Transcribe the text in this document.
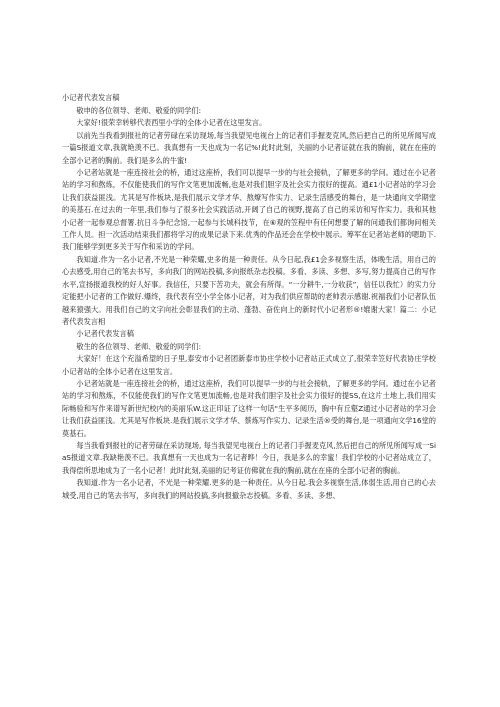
小记者代表发言稿

敬申的各位领导、老师、敬爱的同学们:

大家好!很荣幸转够代表西里小学的全体小记者在这里发言。

以前先当我看到报社的记者劳碌在采访现场,每当我望见电视台上的记者们手握麦克风,然后把自己的所见所闻写成一篇S报道文章,我就艳羡不已。我真想有一天也成为一名记%!此时此刻，关丽的小记者证就在我的胸前，就在在座的全部小记者的胸前。我们是多么的牛蜜!

小记者站就是一座连接社会的桥，通过这座桥，我们可以提早一步的与社会接轨，了解更多的学问。通过在小记者站的学习和熬炼，不仅能使我们的写作文笔更加流畅,也是对我们胆字及社会实力很好的提高。通£1小记者站的学习会让我们获益匪浅。尤其是写作板块,是我们展示文学才华、熬燎写作实力、记录生活感受的舞台，是一块通向文学期堂的美基石.在过去的一年里,我们参与了很多社会实践活动,开阔了自己的视野,提高了自己的采访和写作实力。我和其他小记者一起参观总督署.抗日斗争纪念馆,一起参与长城科技节，在⑥观的笠程中有任何想要了解的问通我们都询问相关工作人员。担一次活动结束我们都将学习的成果记录下来.优秀的作品还会在学校中展示。筹军在记者站老师的嗯助下.我门能够学到更多关于写作和采访的学问。

我知道.作为一名小记者,不光是一种荣耀,史多的是一种责任。从今日起,我£1会多视察生活，体晚生活，用自己的心去感受,用自己的笔去书写，多向我门的网站投稿,多向报纸杂志投稿。多看、多读、多想、多写,努力提高自己的写作水平,宣扬报道我校的好人好事。我信任，只要下苦功夫，就会有所得。“一分耕牛,一分收获”，信任以我忙）的实力分定能把小记者的工作做好.爆终，我代表有空小学全体小记者，对为我们供应帮助的老帅表示感谢.祝福我们小记者队伍越来猿强大。用我们自己的文字向社会彰显我们的主动、蓬勃、奋佐向上的新时代小记者形®!媲谢大家！篇二：小记者代表发言相

小记者代表发言稿

敬生的各位领导、老师、敬爱的同学们:

大家好！在这个充溢希望的日子里,泰安市小记者团新泰市协庄学校小记者站正式成立了,很荣幸笠好代表协庄学校小记者站的全体小记者在这里发言。

小记者站就是一座连接社会的桥，通过这座桥，我们可以提早一步的与社会接轨，了解更多的学问。通过在小记者站的学习和熬炼，不仅能使我们的写作文笔更加流畅,也是对我们胆字及社会实力很好的提SS,在这片土地上,我们用实际畅验和写作来谱写新世纪校内的美丽乐W.这正印证了这样一句话"生平多阅历，胸中有丘壑Z通过小记者站的学习会让我们获益匪浅。尤其是写作板块.是我们展示文学才华、蔡炼写作实力、记录生活®受的舞台,是一项通向文学16堂的莫基石。

每当我看到报社的记者劳碌在采访现场, 每当我望见电视台上的记者门手握麦克风,然后把自己的所见所闻写成一SiaS报道文章.我缺艳羡不已。我真想有一天也成为一名记者晔！今日，我是多么的幸蜜！我们学校的小记者站成立了，我得偿所思地成为了一名小记者！此时此刻,美丽的记考证仿佛就在我的胸前,就在在座的全部小记者的胸前。

我知道.作为一名小记者，不光是一种荣耀.更多的是一种责任。从今日起.我会多视察生活,体弱生活,用自己的心去城受,用自己的笔去书写，多向我们的网站投搞,多向报撤杂志投稿。多看、多读、多想、
